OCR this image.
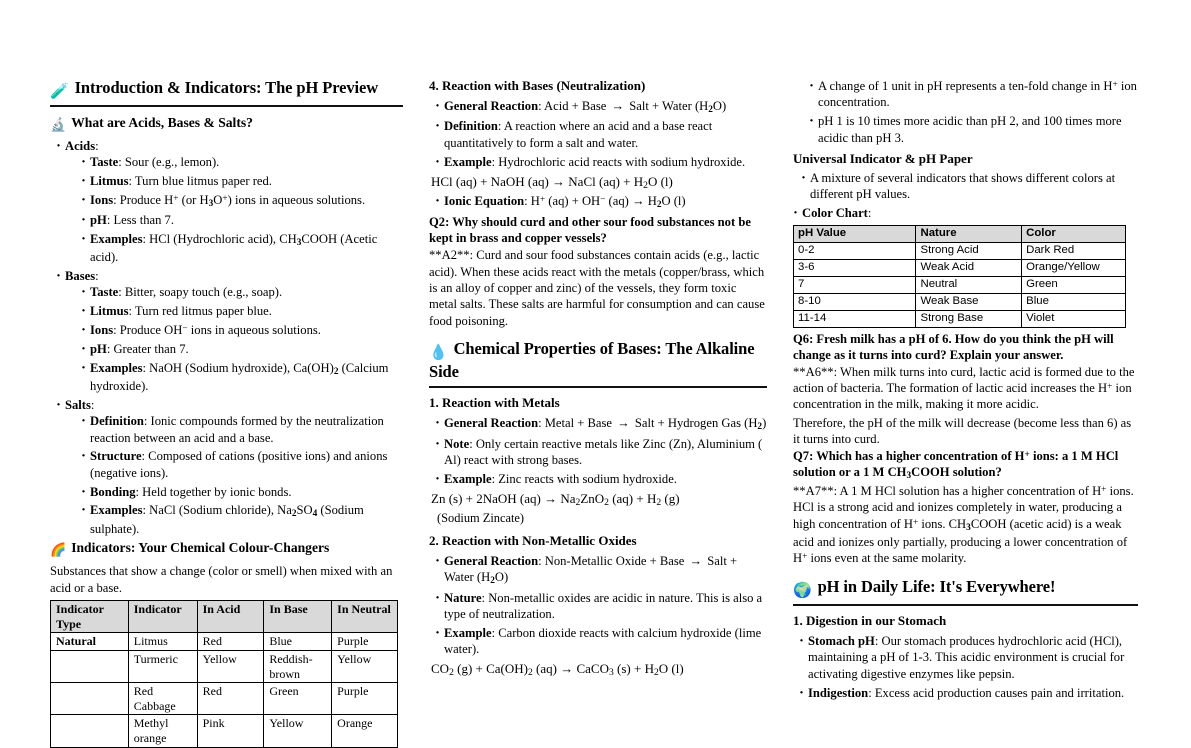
🧪 Introduction & Indicators: The pH Preview
🔬 What are Acids, Bases & Salts?
· Acids:
· Taste: Sour (e.g., lemon).
· Litmus: Turn blue litmus paper red.
· Ions: Produce H+ (or $H_3O^+$) ions in aqueous solutions.
· pH: Less than 7.
· Examples: HCl (Hydrochloric acid), $CH_3COOH$ (Acetic acid).
· Bases:
· Taste: Bitter, soapy touch (e.g., soap).
· Litmus: Turn red litmus paper blue.
· Ions: Produce OH− ions in aqueous solutions.
· pH: Greater than 7.
· Examples: NaOH (Sodium hydroxide), $Ca(OH)_2$ (Calcium hydroxide).
· Salts:
· Definition: Ionic compounds formed by the neutralization reaction between an acid and a base.
· Structure: Composed of cations (positive ions) and anions (negative ions).
· Bonding: Held together by ionic bonds.
· Examples: NaCl (Sodium chloride), $Na_2SO_4$ (Sodium sulphate).
🌈 Indicators: Your Chemical Colour-Changers

Substances that show a change (color or smell) when mixed with an acid or a base.

Indicator Type	Indicator	In Acid	In Base	In Neutral
Natural	Litmus	Red	Blue	Purple
	Turmeric	Yellow	Reddish-brown	Yellow
	Red Cabbage	Red	Green	Purple
	Methyl orange	Pink	Yellow	Orange
4. Reaction with Bases (Neutralization)
· General Reaction: Acid + Base → Salt + Water $(H_2O)$
· Definition: A reaction where an acid and a base react quantitatively to form a salt and water.
· Example: Hydrochloric acid reacts with sodium hydroxide.
HCl (aq) + NaOH (aq) → NaCl $(aq) + H_2O$ (l)
· Ionic Equation: H+ (aq) + OH− $(aq) \to H_2O$ (l)

Q2: Why should curd and other sour food substances not be kept in brass and copper vessels?

**A2**: Curd and sour food substances contain acids (e.g., lactic acid). When these acids react with the metals (copper/brass, which is an alloy of copper and zinc) of the vessels, they form toxic metal salts. These salts are harmful for consumption and can cause food poisoning.

💧 Chemical Properties of Bases: The Alkaline Side
1. Reaction with Metals
· General Reaction: Metal + Base → Salt + Hydrogen Gas $(H_2)$
· Note: Only certain reactive metals like Zinc (Zn), Aluminium ( Al) react with strong bases.
· Example: Zinc reacts with sodium hydroxide.
Zn (s) + 2NaOH $(aq) \to Na_2ZnO_2$ $(aq) + H_2$ (g)
(Sodium Zincate)
2. Reaction with Non-Metallic Oxides
· General Reaction: Non-Metallic Oxide + Base → Salt + Water $(H_2O)$
· Nature: Non-metallic oxides are acidic in nature. This is also a type of neutralization.
· Example: Carbon dioxide reacts with calcium hydroxide (lime water).
$CO_2$ $(g) + Ca(OH)_2$ (aq) → CaCO$_3$ $(s) + H_2O$ (l)
· A change of 1 unit in pH represents a ten-fold change in H+ ion concentration.
· pH 1 is 10 times more acidic than pH 2, and 100 times more acidic than pH 3.
Universal Indicator & pH Paper
· A mixture of several indicators that shows different colors at different pH values.
· Color Chart:
pH Value	Nature	Color
0-2	Strong Acid	Dark Red
3-6	Weak Acid	Orange/Yellow
7	Neutral	Green
8-10	Weak Base	Blue
11-14	Strong Base	Violet

Q6: Fresh milk has a pH of 6. How do you think the pH will change as it turns into curd? Explain your answer.

**A6**: When milk turns into curd, lactic acid is formed due to the action of bacteria. The formation of lactic acid increases the H+ ion concentration in the milk, making it more acidic.

Therefore, the pH of the milk will decrease (become less than 6) as it turns into curd.

Q7: Which has a higher concentration of H+ ions: a 1 M HCl solution or a 1 M $CH_3COOH$ solution?

**A7**: A 1 M HCl solution has a higher concentration of H+ ions. HCl is a strong acid and ionizes completely in water, producing a high concentration of H+ ions. $CH_3COOH$ (acetic acid) is a weak acid and ionizes only partially, producing a lower concentration of H+ ions even at the same molarity.

🌍 pH in Daily Life: It's Everywhere!
1. Digestion in our Stomach
· Stomach pH: Our stomach produces hydrochloric acid (HCl), maintaining a pH of 1-3. This acidic environment is crucial for activating digestive enzymes like pepsin.
· Indigestion: Excess acid production causes pain and irritation.
